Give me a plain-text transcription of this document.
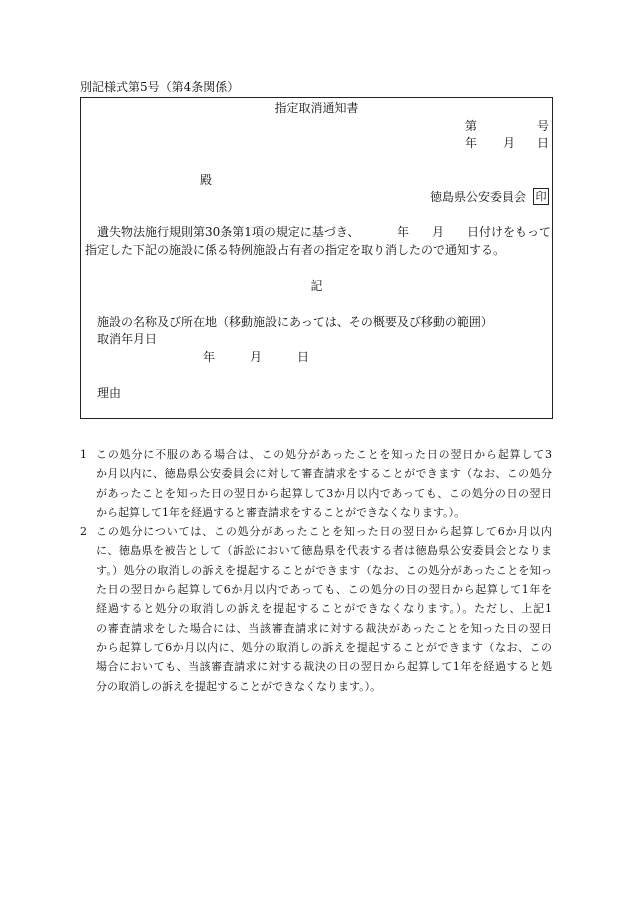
別記様式第5号（第4条関係）
指定取消通知書
第	号
年 月 日
殿
徳島県公安委員会 印
遺失物法施行規則第30条第1項の規定に基づき、	年 月 日付けをもって
指定した下記の施設に係る特例施設占有者の指定を取り消したので通知する。
記
施設の名称及び所在地（移動施設にあっては、その概要及び移動の範囲）
取消年月日
年	月	日
理由
1 この処分に不服のある場合は、この処分があったことを知った日の翌日から起算して3
か月以内に、徳島県公安委員会に対して審査請求をすることができます（なお、この処分
があったことを知った日の翌日から起算して3か月以内であっても、この処分の日の翌日
から起算して1年を経過すると審査請求をすることができなくなります。）。
2 この処分については、この処分があったことを知った日の翌日から起算して6か月以内
に、徳島県を被告として（訴訟において徳島県を代表する者は徳島県公安委員会となりま
す。）処分の取消しの訴えを提起することができます（なお、この処分があったことを知っ
た日の翌日から起算して6か月以内であっても、この処分の日の翌日から起算して1年を
経過すると処分の取消しの訴えを提起することができなくなります。）。ただし、上記1
の審査請求をした場合には、当該審査請求に対する裁決があったことを知った日の翌日
から起算して6か月以内に、処分の取消しの訴えを提起することができます（なお、この
場合においても、当該審査請求に対する裁決の日の翌日から起算して1年を経過すると処
分の取消しの訴えを提起することができなくなります。）。
